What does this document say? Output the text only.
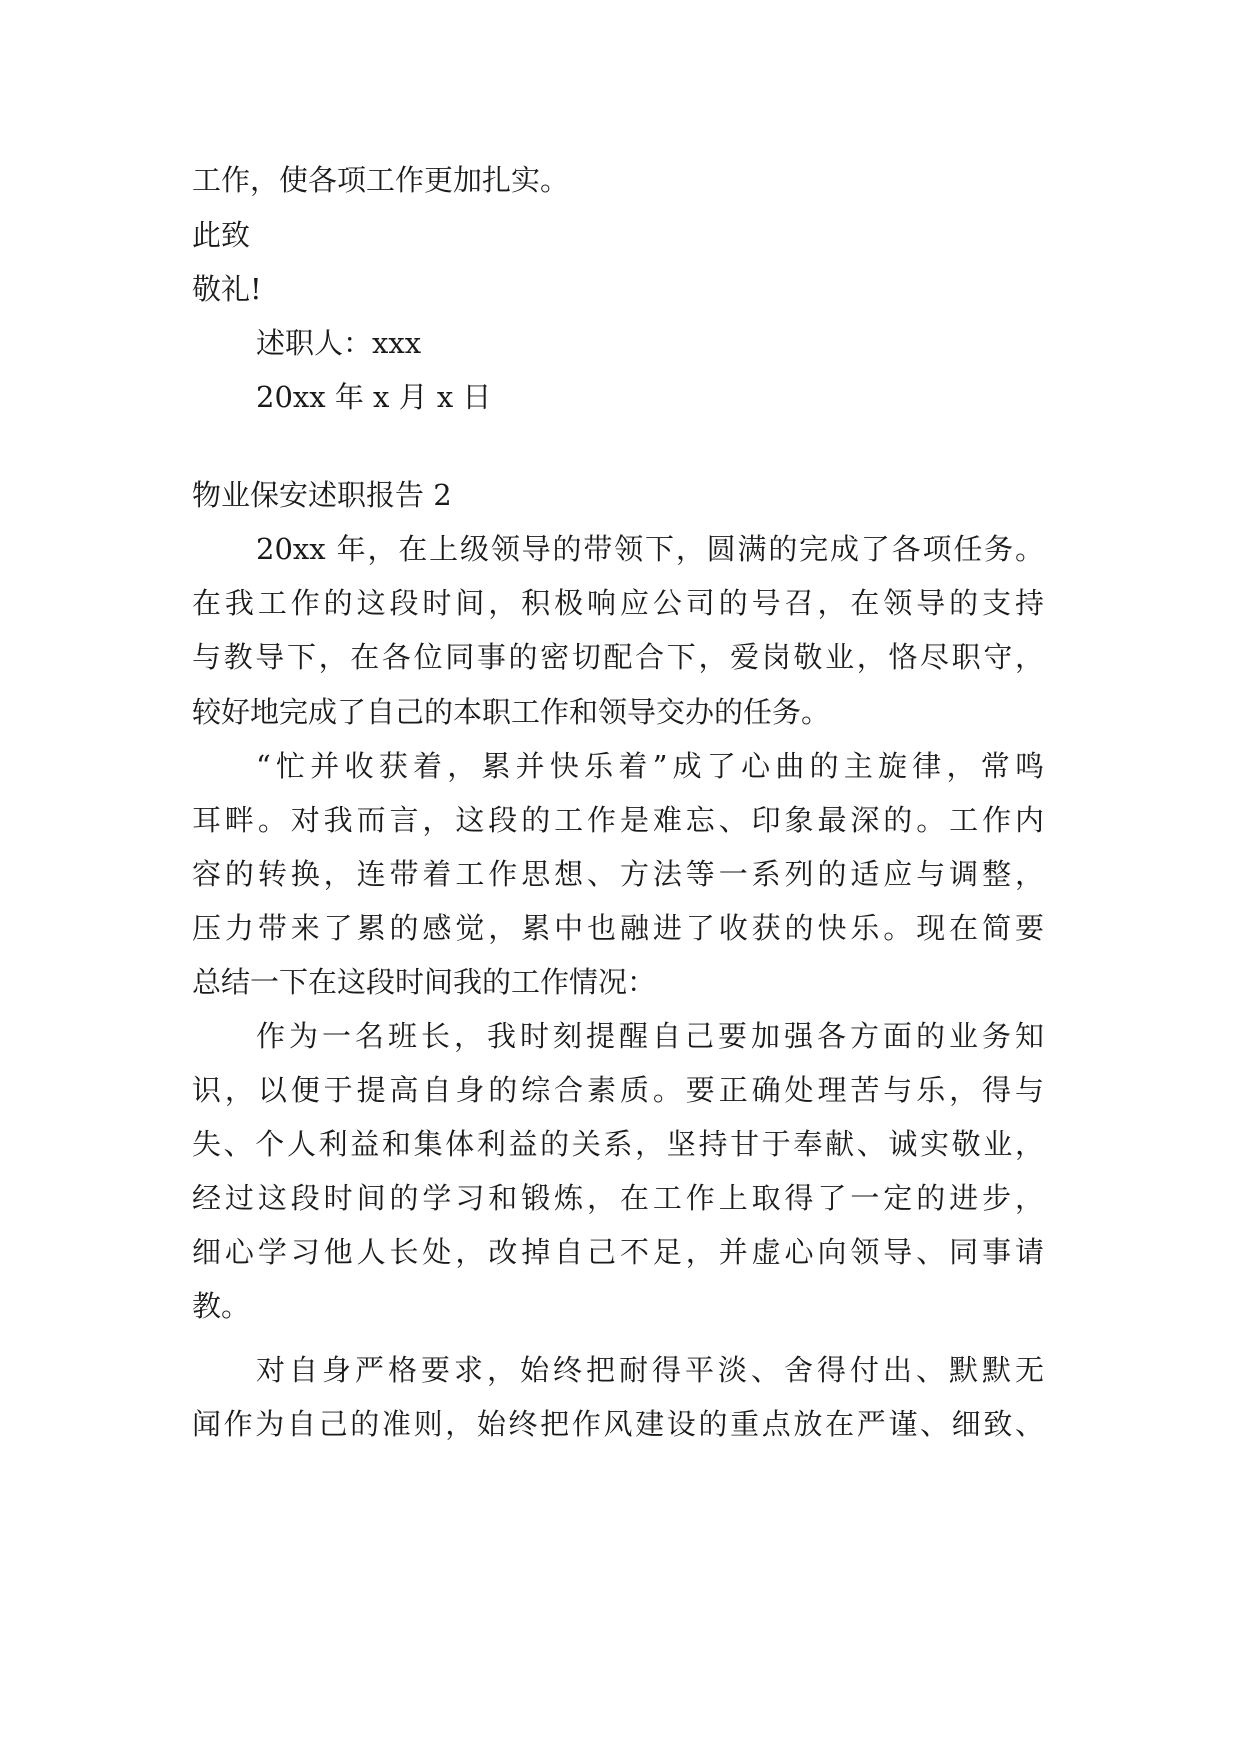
工作，使各项工作更加扎实。

此致

敬礼!

述职人：xxx

20xx 年 x 月 x 日

物业保安述职报告 2

20xx 年，在上级领导的带领下，圆满的完成了各项任务。

在我工作的这段时间，积极响应公司的号召，在领导的支持

与教导下，在各位同事的密切配合下，爱岗敬业，恪尽职守，

较好地完成了自己的本职工作和领导交办的任务。

“忙并收获着，累并快乐着”成了心曲的主旋律，常鸣

耳畔。对我而言，这段的工作是难忘、印象最深的。工作内

容的转换，连带着工作思想、方法等一系列的适应与调整，

压力带来了累的感觉，累中也融进了收获的快乐。现在简要

总结一下在这段时间我的工作情况：

作为一名班长，我时刻提醒自己要加强各方面的业务知

识，以便于提高自身的综合素质。要正确处理苦与乐，得与

失、个人利益和集体利益的关系，坚持甘于奉献、诚实敬业，

经过这段时间的学习和锻炼，在工作上取得了一定的进步，

细心学习他人长处，改掉自己不足，并虚心向领导、同事请

教。

对自身严格要求，始终把耐得平淡、舍得付出、默默无

闻作为自己的准则，始终把作风建设的重点放在严谨、细致、
